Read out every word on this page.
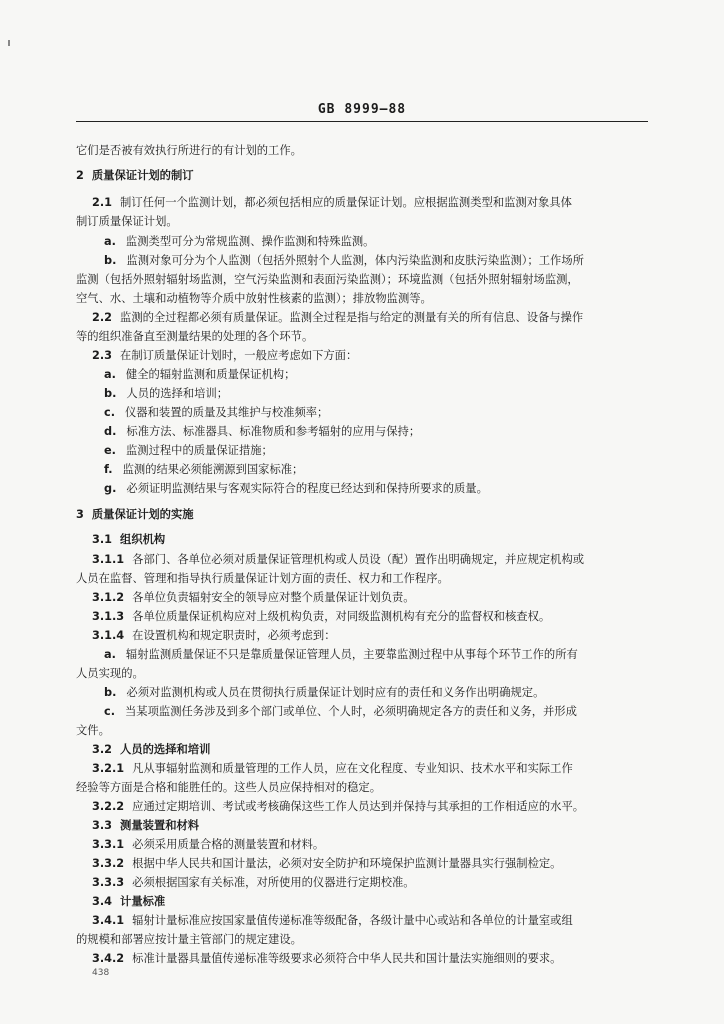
GB 8999—88
它们是否被有效执行所进行的有计划的工作。
2 质量保证计划的制订
2.1 制订任何一个监测计划，都必须包括相应的质量保证计划。应根据监测类型和监测对象具体
制订质量保证计划。
a. 监测类型可分为常规监测、操作监测和特殊监测。
b. 监测对象可分为个人监测（包括外照射个人监测，体内污染监测和皮肤污染监测）；工作场所
监测（包括外照射辐射场监测，空气污染监测和表面污染监测）；环境监测（包括外照射辐射场监测，
空气、水、土壤和动植物等介质中放射性核素的监测）；排放物监测等。
2.2 监测的全过程都必须有质量保证。监测全过程是指与给定的测量有关的所有信息、设备与操作
等的组织准备直至测量结果的处理的各个环节。
2.3 在制订质量保证计划时，一般应考虑如下方面：
a. 健全的辐射监测和质量保证机构；
b. 人员的选择和培训；
c. 仪器和装置的质量及其维护与校准频率；
d. 标准方法、标准器具、标准物质和参考辐射的应用与保持；
e. 监测过程中的质量保证措施；
f. 监测的结果必须能溯源到国家标准；
g. 必须证明监测结果与客观实际符合的程度已经达到和保持所要求的质量。
3 质量保证计划的实施
3.1 组织机构
3.1.1 各部门、各单位必须对质量保证管理机构或人员设（配）置作出明确规定，并应规定机构或
人员在监督、管理和指导执行质量保证计划方面的责任、权力和工作程序。
3.1.2 各单位负责辐射安全的领导应对整个质量保证计划负责。
3.1.3 各单位质量保证机构应对上级机构负责，对同级监测机构有充分的监督权和核查权。
3.1.4 在设置机构和规定职责时，必须考虑到：
a. 辐射监测质量保证不只是靠质量保证管理人员，主要靠监测过程中从事每个环节工作的所有
人员实现的。
b. 必须对监测机构或人员在贯彻执行质量保证计划时应有的责任和义务作出明确规定。
c. 当某项监测任务涉及到多个部门或单位、个人时，必须明确规定各方的责任和义务，并形成
文件。
3.2 人员的选择和培训
3.2.1 凡从事辐射监测和质量管理的工作人员，应在文化程度、专业知识、技术水平和实际工作
经验等方面是合格和能胜任的。这些人员应保持相对的稳定。
3.2.2 应通过定期培训、考试或考核确保这些工作人员达到并保持与其承担的工作相适应的水平。
3.3 测量装置和材料
3.3.1 必须采用质量合格的测量装置和材料。
3.3.2 根据中华人民共和国计量法，必须对安全防护和环境保护监测计量器具实行强制检定。
3.3.3 必须根据国家有关标准，对所使用的仪器进行定期校准。
3.4 计量标准
3.4.1 辐射计量标准应按国家量值传递标准等级配备，各级计量中心或站和各单位的计量室或组
的规模和部署应按计量主管部门的规定建设。
3.4.2 标准计量器具量值传递标准等级要求必须符合中华人民共和国计量法实施细则的要求。
438
